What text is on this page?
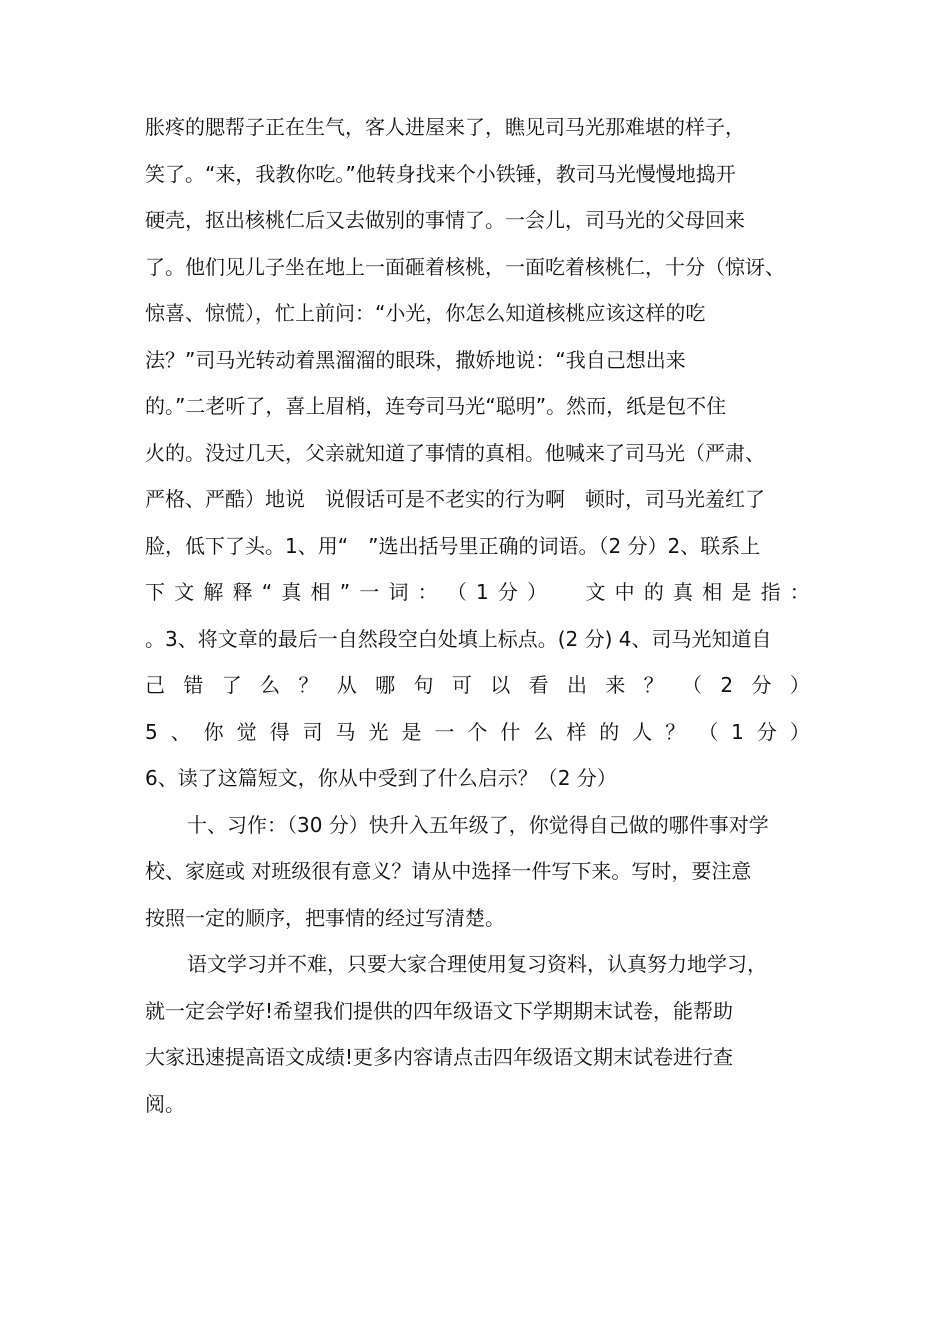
胀疼的腮帮子正在生气，客人进屋来了，瞧见司马光那难堪的样子，
笑了。“来，我教你吃。”他转身找来个小铁锤，教司马光慢慢地捣开
硬壳，抠出核桃仁后又去做别的事情了。一会儿，司马光的父母回来
了。他们见儿子坐在地上一面砸着核桃，一面吃着核桃仁，十分（惊讶、
惊喜、惊慌），忙上前问：“小光，你怎么知道核桃应该这样的吃
法？”司马光转动着黑溜溜的眼珠，撒娇地说：“我自己想出来
的。”二老听了，喜上眉梢，连夸司马光“聪明”。然而，纸是包不住
火的。没过几天，父亲就知道了事情的真相。他喊来了司马光（严肃、
严格、严酷）地说　说假话可是不老实的行为啊　顿时，司马光羞红了
脸，低下了头。1、用“　”选出括号里正确的词语。（2 分）2、联系上
下 文 解 释 “ 真 相 ” 一 词 ： （ 1 分 ）
　 文 中 的 真 相 是 指 ：
。3、将文章的最后一自然段空白处填上标点。(2 分) 4、司马光知道自
己 错 了 么 ？ 从 哪 句 可 以 看 出 来 ？ （ 2 分 ）
5 、 你 觉 得 司 马 光 是 一 个 什 么 样 的 人 ？ （ 1 分 ）
6、读了这篇短文，你从中受到了什么启示？（2 分）
十、习作：（30 分）快升入五年级了，你觉得自己做的哪件事对学
校、家庭或 对班级很有意义？请从中选择一件写下来。写时，要注意
按照一定的顺序，把事情的经过写清楚。
语文学习并不难，只要大家合理使用复习资料，认真努力地学习，
就一定会学好!希望我们提供的四年级语文下学期期末试卷，能帮助
大家迅速提高语文成绩!更多内容请点击四年级语文期末试卷进行查
阅。
